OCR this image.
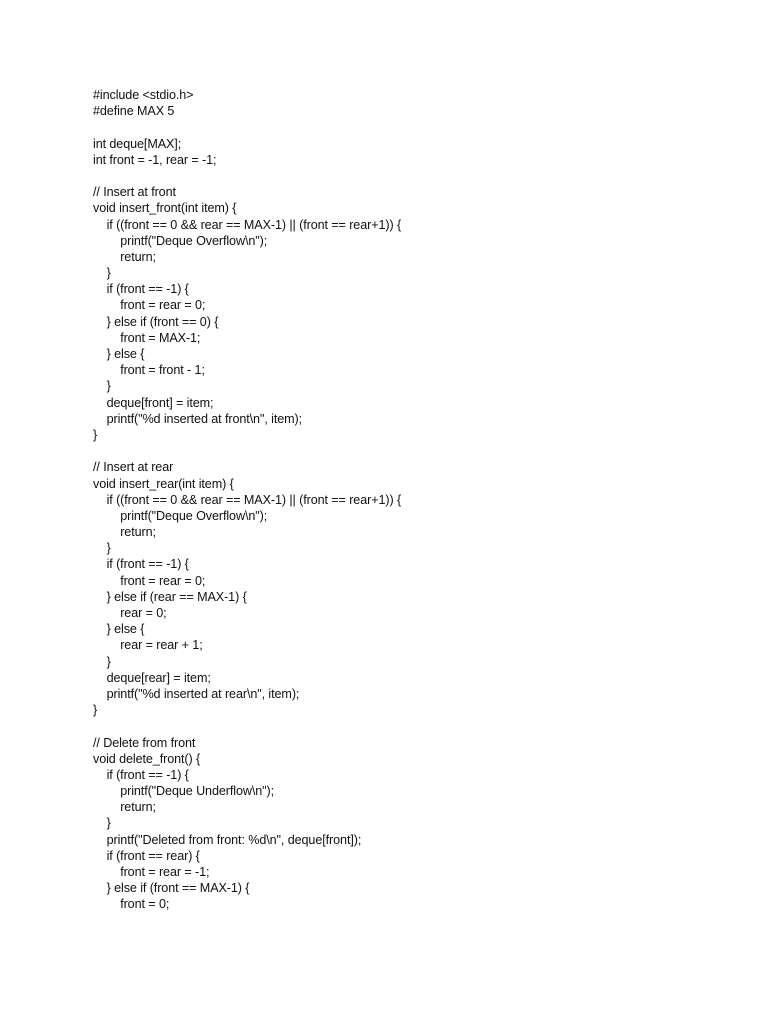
#include <stdio.h>
#define MAX 5
int deque[MAX];
int front = -1, rear = -1;
// Insert at front
void insert_front(int item) {
if ((front == 0 && rear == MAX-1) || (front == rear+1)) {
printf("Deque Overflow\n");
return;
}
if (front == -1) {
front = rear = 0;
} else if (front == 0) {
front = MAX-1;
} else {
front = front - 1;
}
deque[front] = item;
printf("%d inserted at front\n", item);
}
// Insert at rear
void insert_rear(int item) {
if ((front == 0 && rear == MAX-1) || (front == rear+1)) {
printf("Deque Overflow\n");
return;
}
if (front == -1) {
front = rear = 0;
} else if (rear == MAX-1) {
rear = 0;
} else {
rear = rear + 1;
}
deque[rear] = item;
printf("%d inserted at rear\n", item);
}
// Delete from front
void delete_front() {
if (front == -1) {
printf("Deque Underflow\n");
return;
}
printf("Deleted from front: %d\n", deque[front]);
if (front == rear) {
front = rear = -1;
} else if (front == MAX-1) {
front = 0;
